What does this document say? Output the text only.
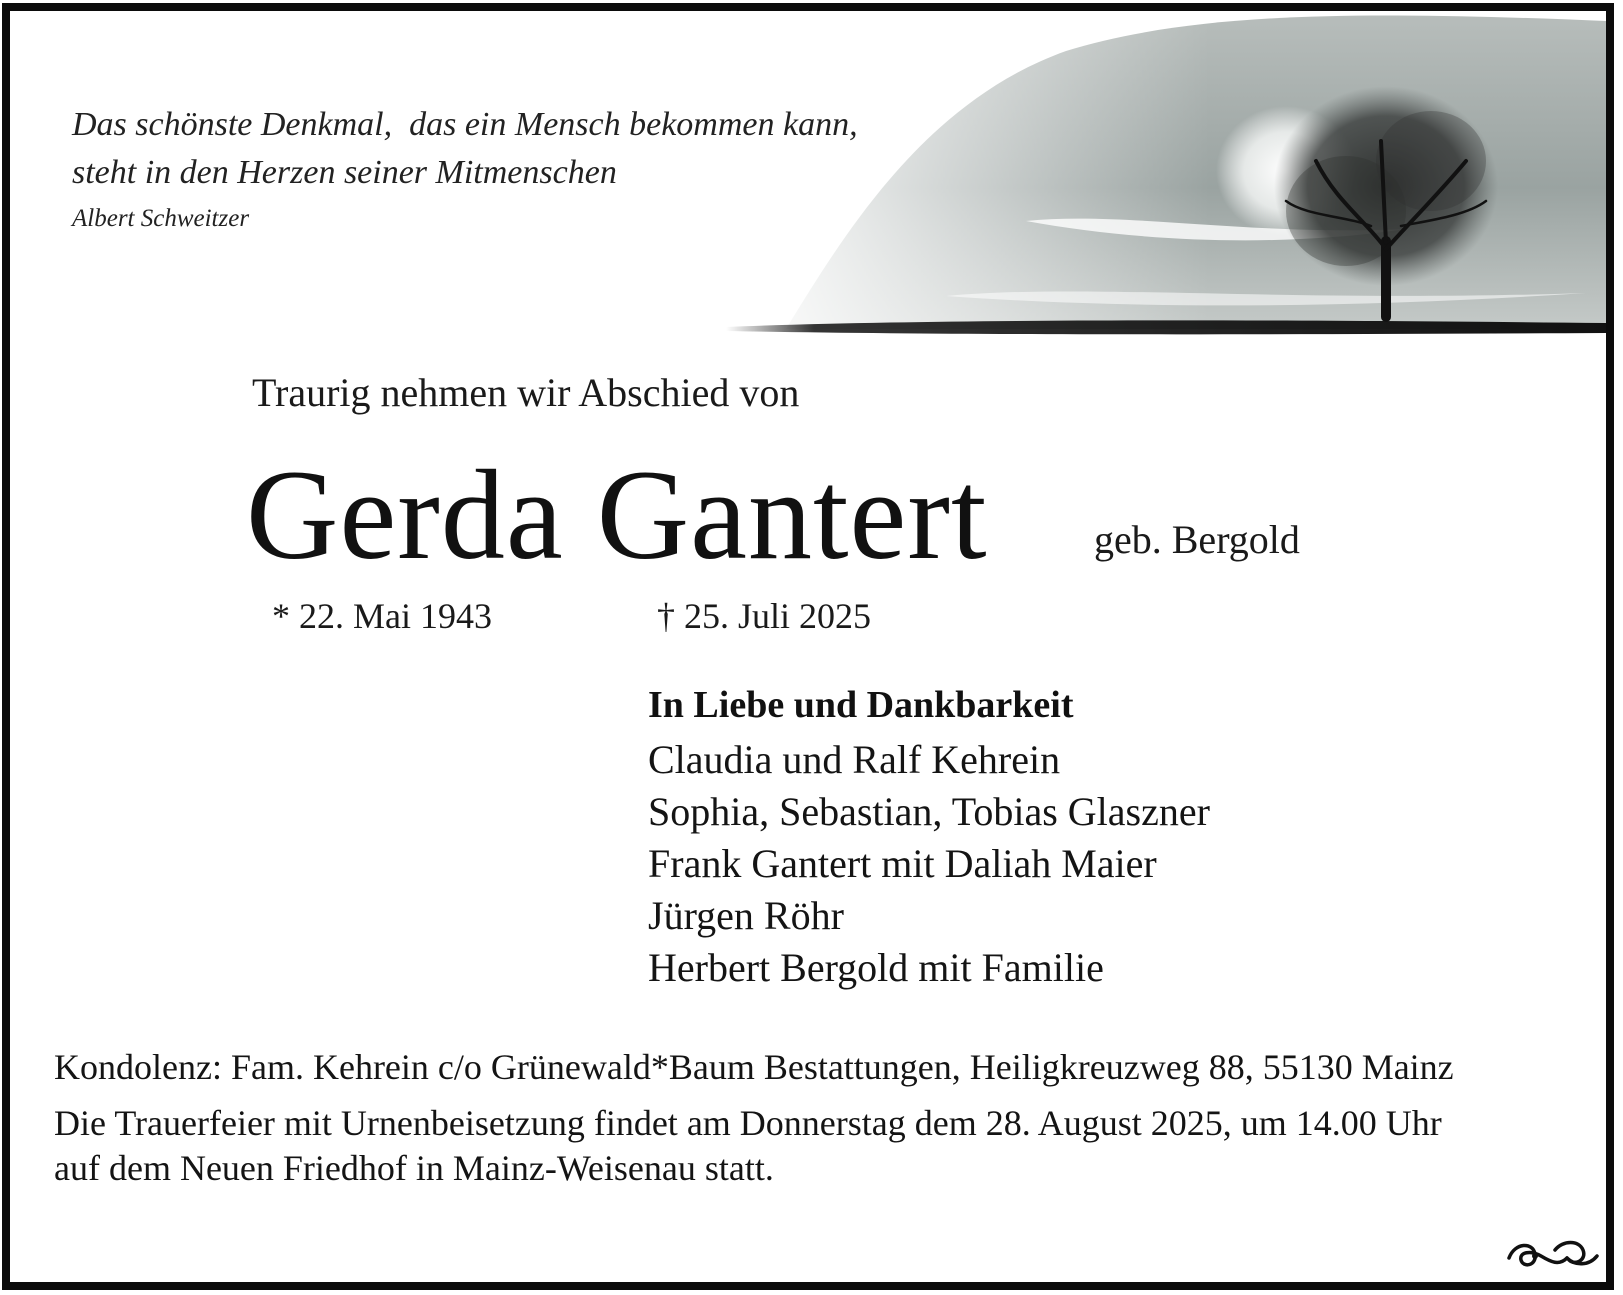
Das schönste Denkmal,  das ein Mensch bekommen kann,
steht in den Herzen seiner Mitmenschen
Albert Schweitzer
Traurig nehmen wir Abschied von
Gerda Gantert	geb. Bergold
* 22. Mai 1943	† 25. Juli 2025
In Liebe und Dankbarkeit
Claudia und Ralf Kehrein
Sophia, Sebastian, Tobias Glaszner
Frank Gantert mit Daliah Maier
Jürgen Röhr
Herbert Bergold mit Familie
Kondolenz: Fam. Kehrein c/o Grünewald*Baum Bestattungen, Heiligkreuzweg 88, 55130 Mainz
Die Trauerfeier mit Urnenbeisetzung findet am Donnerstag dem 28. August 2025, um 14.00 Uhr
auf dem Neuen Friedhof in Mainz-Weisenau statt.
